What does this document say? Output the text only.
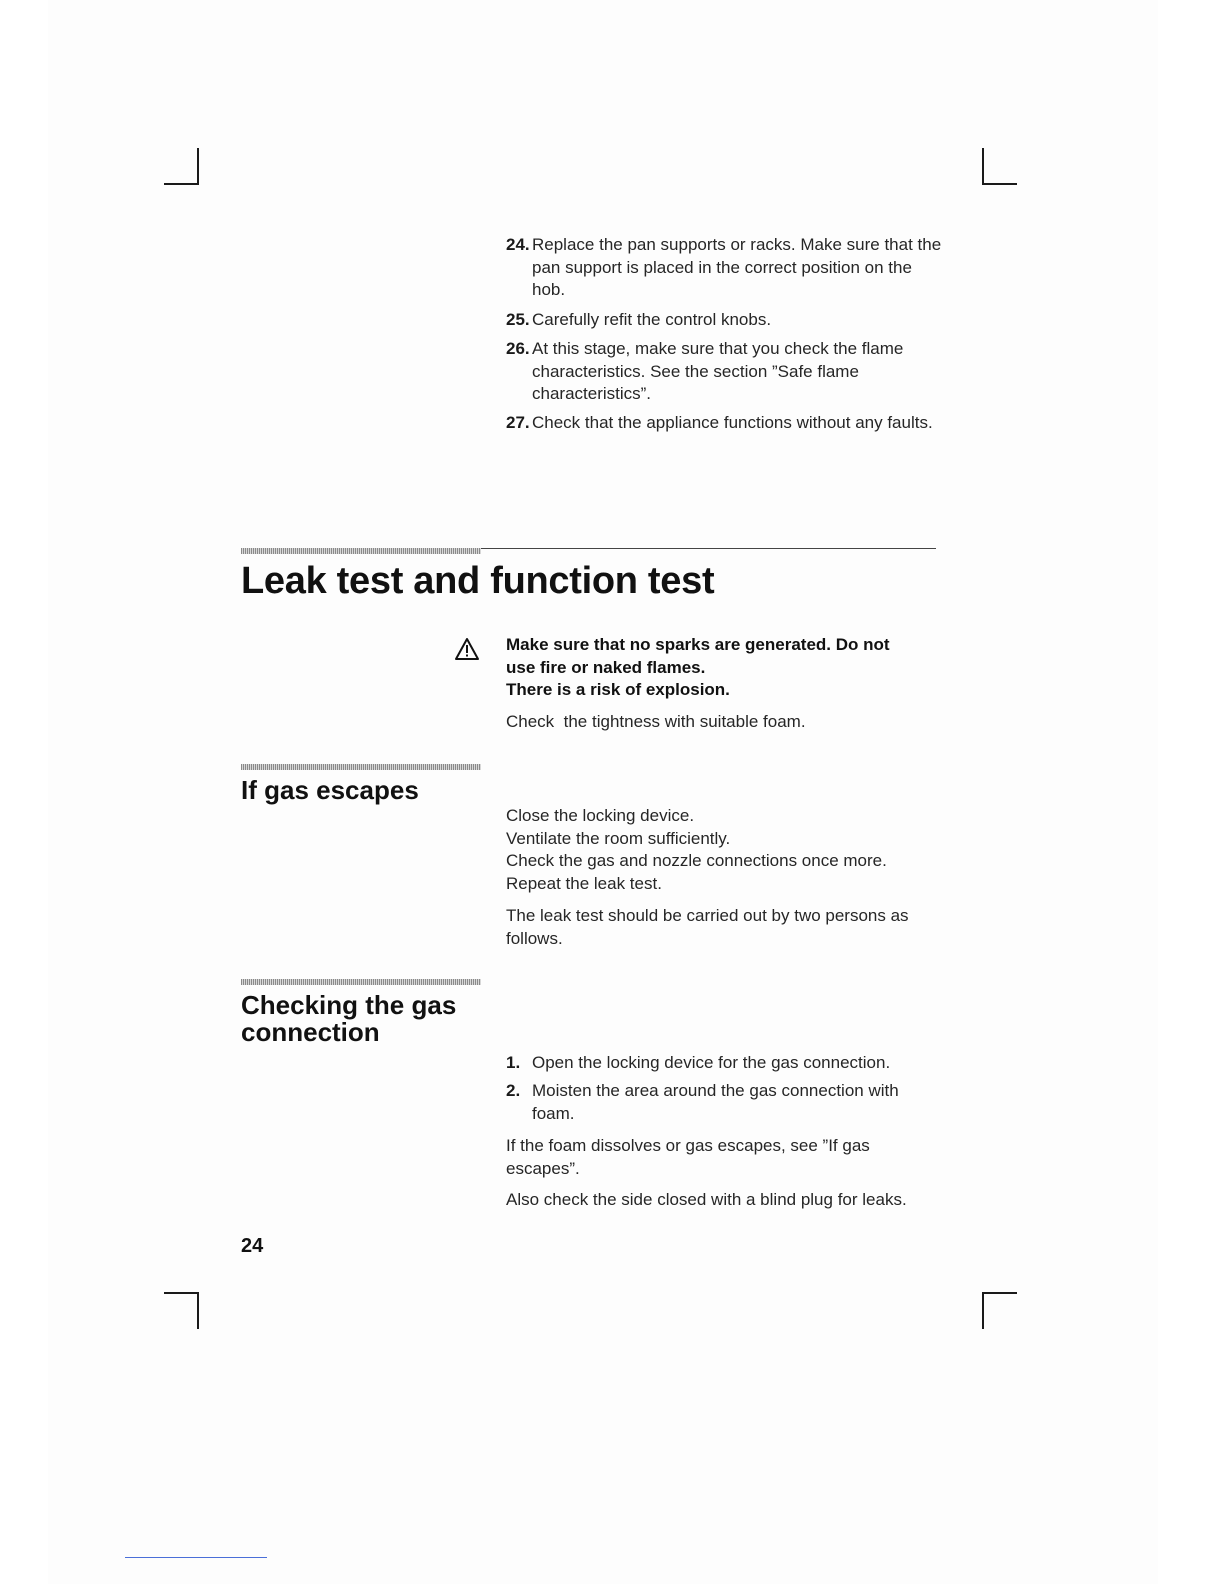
24. Replace the pan supports or racks. Make sure that the pan support is placed in the correct position on the hob.
25. Carefully refit the control knobs.
26. At this stage, make sure that you check the flame characteristics. See the section ”Safe flame characteristics”.
27. Check that the appliance functions without any faults.
Leak test and function test
Make sure that no sparks are generated. Do not
use fire or naked flames.
There is a risk of explosion.
Check  the tightness with suitable foam.
If gas escapes
Close the locking device.
Ventilate the room sufficiently.
Check the gas and nozzle connections once more.
Repeat the leak test.
The leak test should be carried out by two persons as follows.
Checking the gas connection
1. Open the locking device for the gas connection.
2. Moisten the area around the gas connection with foam.
If the foam dissolves or gas escapes, see ”If gas escapes”.
Also check the side closed with a blind plug for leaks.
24
